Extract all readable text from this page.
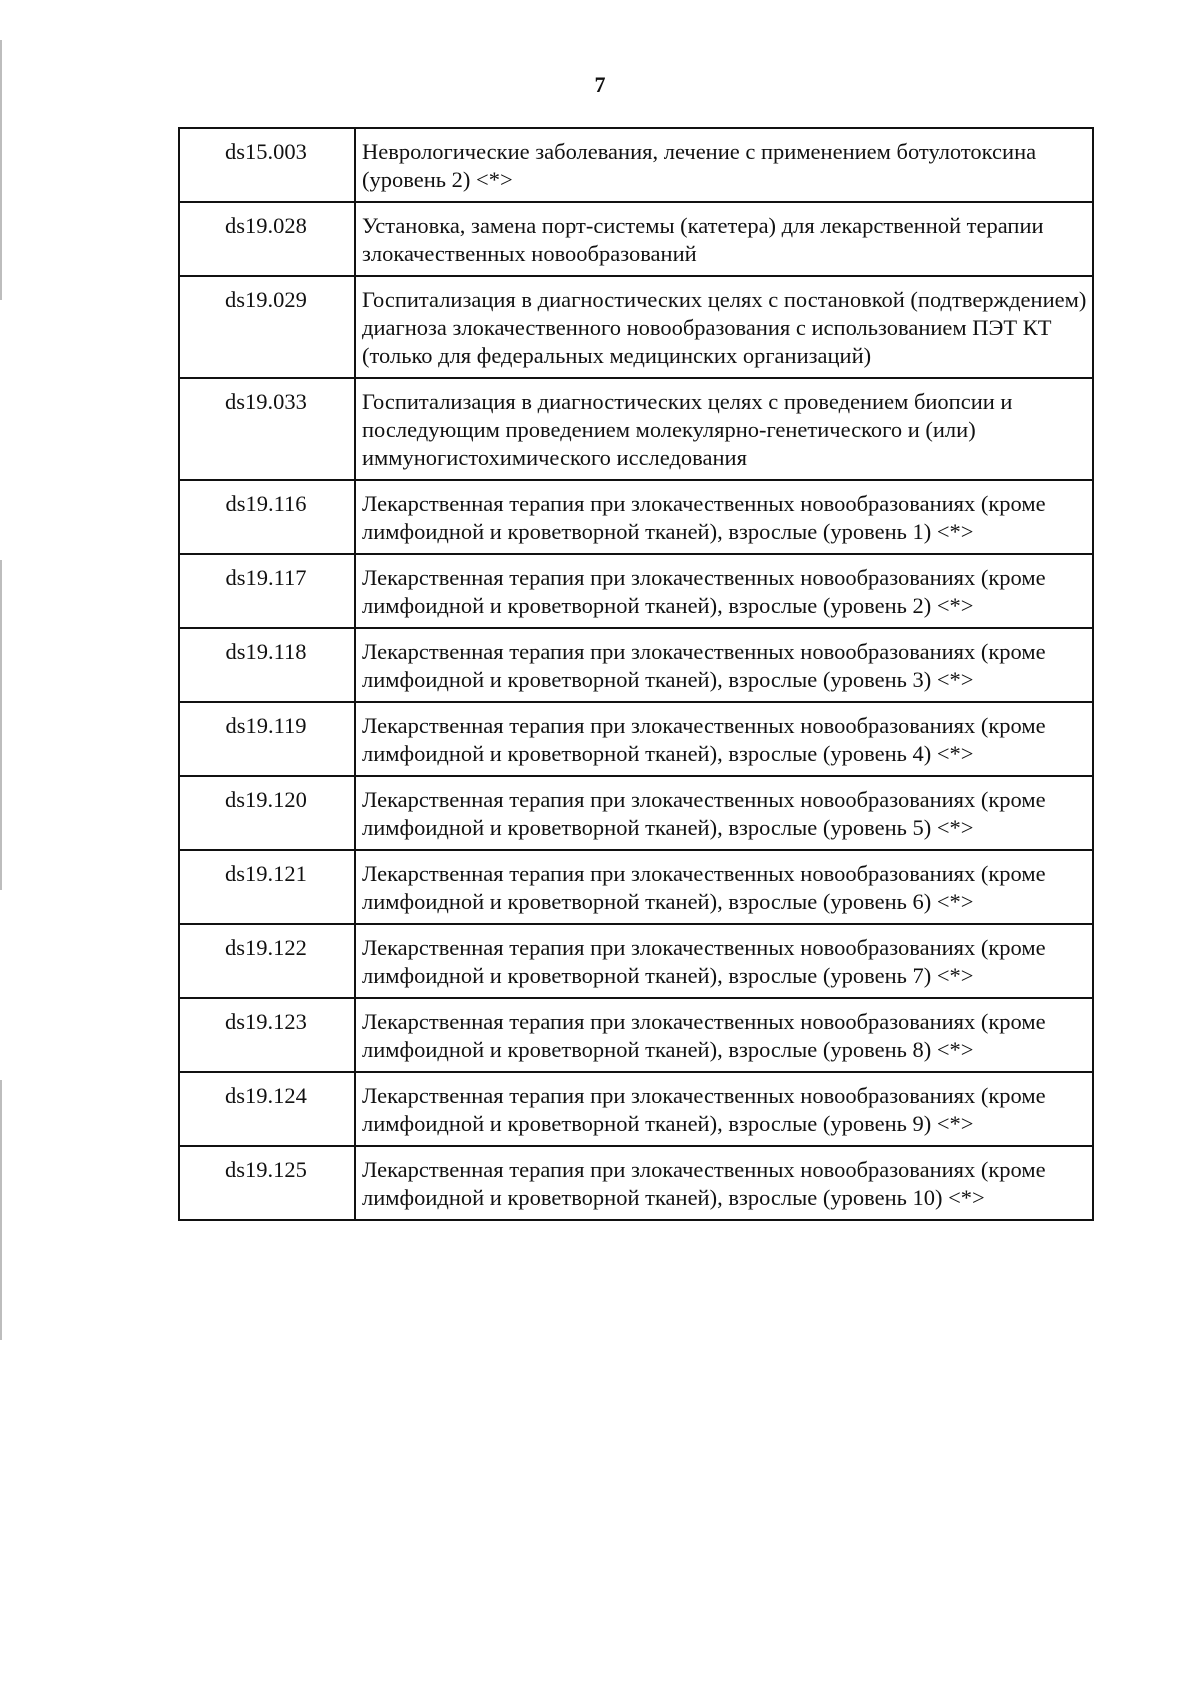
7
ds15.003	Неврологические заболевания, лечение с применением ботулотоксина (уровень 2) <*>
ds19.028	Установка, замена порт-системы (катетера) для лекарственной терапии злокачественных новообразований
ds19.029	Госпитализация в диагностических целях с постановкой (подтверждением) диагноза злокачественного новообразования с использованием ПЭТ КТ (только для федеральных медицинских организаций)
ds19.033	Госпитализация в диагностических целях с проведением биопсии и последующим проведением молекулярно-генетического и (или) иммуногистохимического исследования
ds19.116	Лекарственная терапия при злокачественных новообразованиях (кроме лимфоидной и кроветворной тканей), взрослые (уровень 1) <*>
ds19.117	Лекарственная терапия при злокачественных новообразованиях (кроме лимфоидной и кроветворной тканей), взрослые (уровень 2) <*>
ds19.118	Лекарственная терапия при злокачественных новообразованиях (кроме лимфоидной и кроветворной тканей), взрослые (уровень 3) <*>
ds19.119	Лекарственная терапия при злокачественных новообразованиях (кроме лимфоидной и кроветворной тканей), взрослые (уровень 4) <*>
ds19.120	Лекарственная терапия при злокачественных новообразованиях (кроме лимфоидной и кроветворной тканей), взрослые (уровень 5) <*>
ds19.121	Лекарственная терапия при злокачественных новообразованиях (кроме лимфоидной и кроветворной тканей), взрослые (уровень 6) <*>
ds19.122	Лекарственная терапия при злокачественных новообразованиях (кроме лимфоидной и кроветворной тканей), взрослые (уровень 7) <*>
ds19.123	Лекарственная терапия при злокачественных новообразованиях (кроме лимфоидной и кроветворной тканей), взрослые (уровень 8) <*>
ds19.124	Лекарственная терапия при злокачественных новообразованиях (кроме лимфоидной и кроветворной тканей), взрослые (уровень 9) <*>
ds19.125	Лекарственная терапия при злокачественных новообразованиях (кроме лимфоидной и кроветворной тканей), взрослые (уровень 10) <*>
